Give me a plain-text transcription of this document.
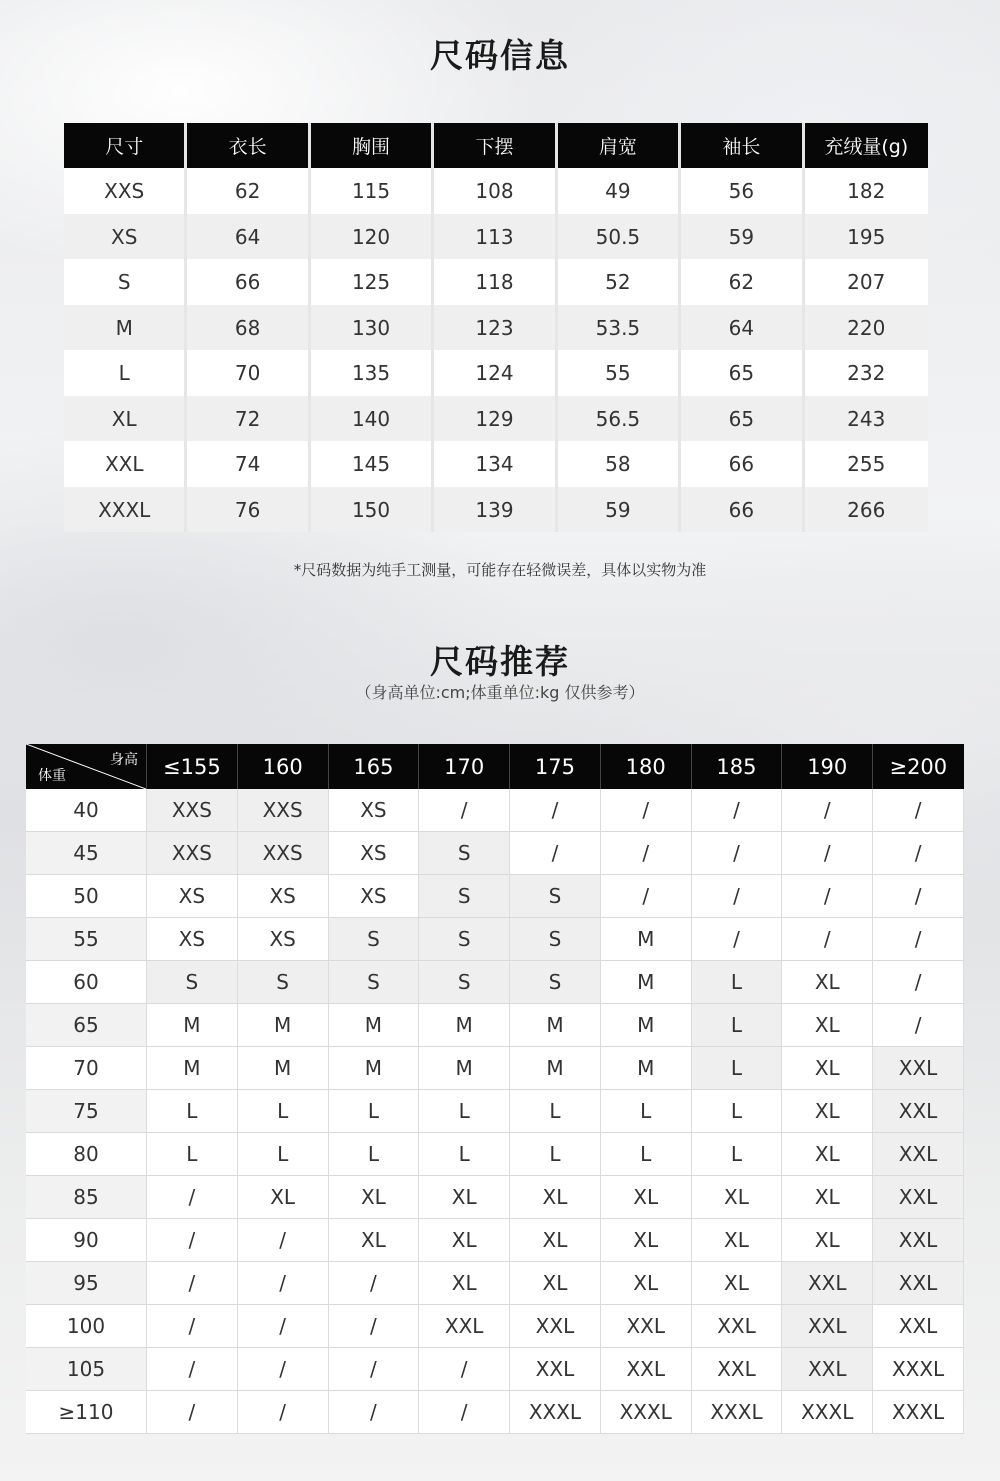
尺码信息
尺寸	衣长	胸围	下摆	肩宽	袖长	充绒量(g)
XXS	62	115	108	49	56	182
XS	64	120	113	50.5	59	195
S	66	125	118	52	62	207
M	68	130	123	53.5	64	220
L	70	135	124	55	65	232
XL	72	140	129	56.5	65	243
XXL	74	145	134	58	66	255
XXXL	76	150	139	59	66	266
*尺码数据为纯手工测量，可能存在轻微误差，具体以实物为准
尺码推荐
（身高单位:cm;体重单位:kg 仅供参考）
身高
体重	≤155	160	165	170	175	180	185	190	≥200
40	XXS	XXS	XS	/	/	/	/	/	/
45	XXS	XXS	XS	S	/	/	/	/	/
50	XS	XS	XS	S	S	/	/	/	/
55	XS	XS	S	S	S	M	/	/	/
60	S	S	S	S	S	M	L	XL	/
65	M	M	M	M	M	M	L	XL	/
70	M	M	M	M	M	M	L	XL	XXL
75	L	L	L	L	L	L	L	XL	XXL
80	L	L	L	L	L	L	L	XL	XXL
85	/	XL	XL	XL	XL	XL	XL	XL	XXL
90	/	/	XL	XL	XL	XL	XL	XL	XXL
95	/	/	/	XL	XL	XL	XL	XXL	XXL
100	/	/	/	XXL	XXL	XXL	XXL	XXL	XXL
105	/	/	/	/	XXL	XXL	XXL	XXL	XXXL
≥110	/	/	/	/	XXXL	XXXL	XXXL	XXXL	XXXL
